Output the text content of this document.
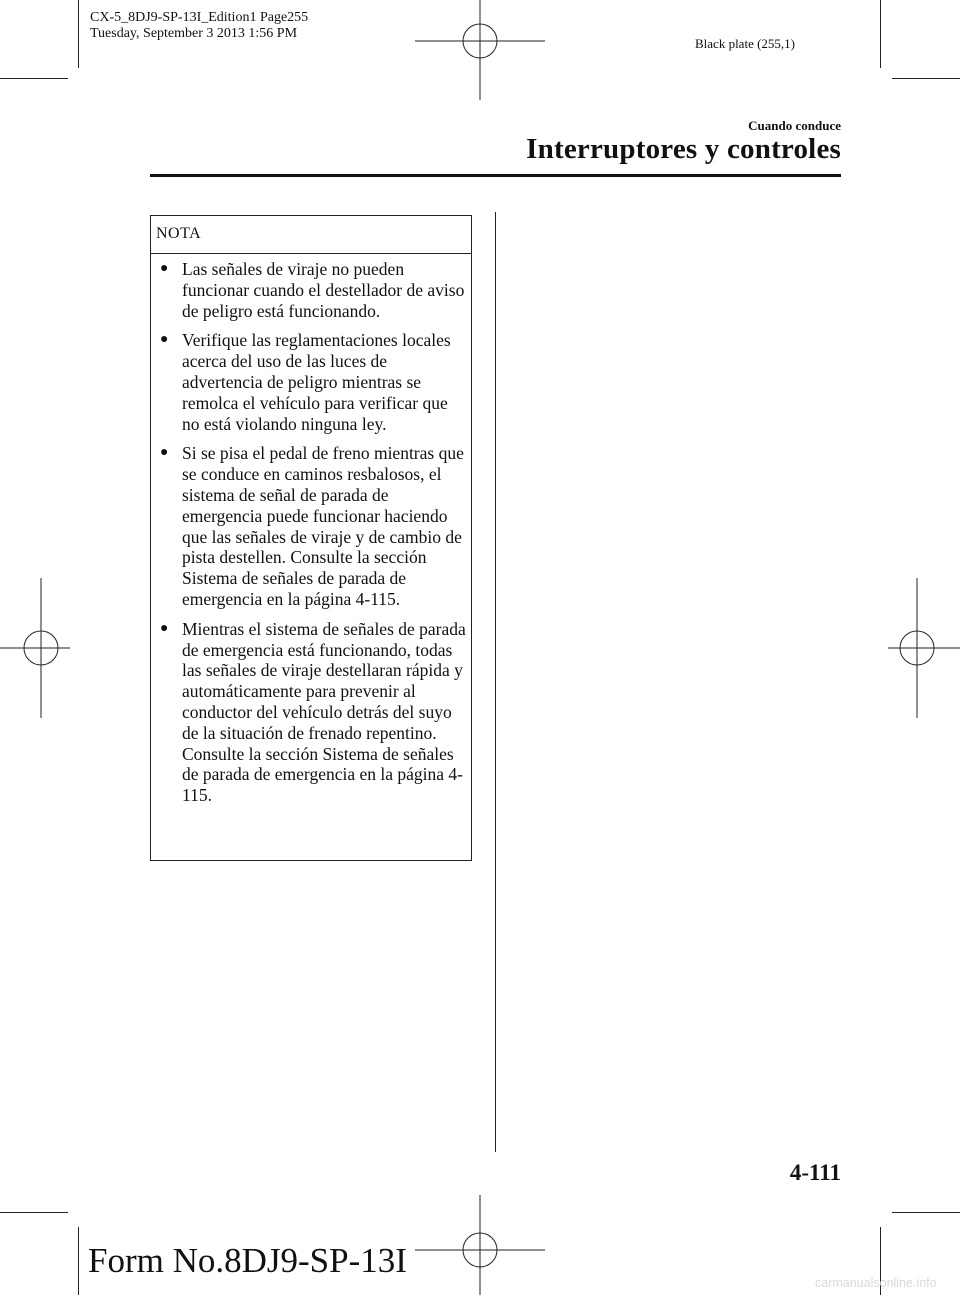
CX-5_8DJ9-SP-13I_Edition1 Page255
Tuesday, September 3 2013 1:56 PM
Black plate (255,1)
Cuando conduce
Interruptores y controles
NOTA
● Las señales de viraje no pueden funcionar cuando el destellador de aviso de peligro está funcionando.
● Verifique las reglamentaciones locales acerca del uso de las luces de advertencia de peligro mientras se remolca el vehículo para verificar que no está violando ninguna ley.
● Si se pisa el pedal de freno mientras que se conduce en caminos resbalosos, el sistema de señal de parada de emergencia puede funcionar haciendo que las señales de viraje y de cambio de pista destellen. Consulte la sección Sistema de señales de parada de emergencia en la página 4-115.
● Mientras el sistema de señales de parada de emergencia está funcionando, todas las señales de viraje destellaran rápida y automáticamente para prevenir al conductor del vehículo detrás del suyo de la situación de frenado repentino. Consulte la sección Sistema de señales de parada de emergencia en la página 4-115.
4-111
Form No.8DJ9-SP-13I
carmanualsonline.info
